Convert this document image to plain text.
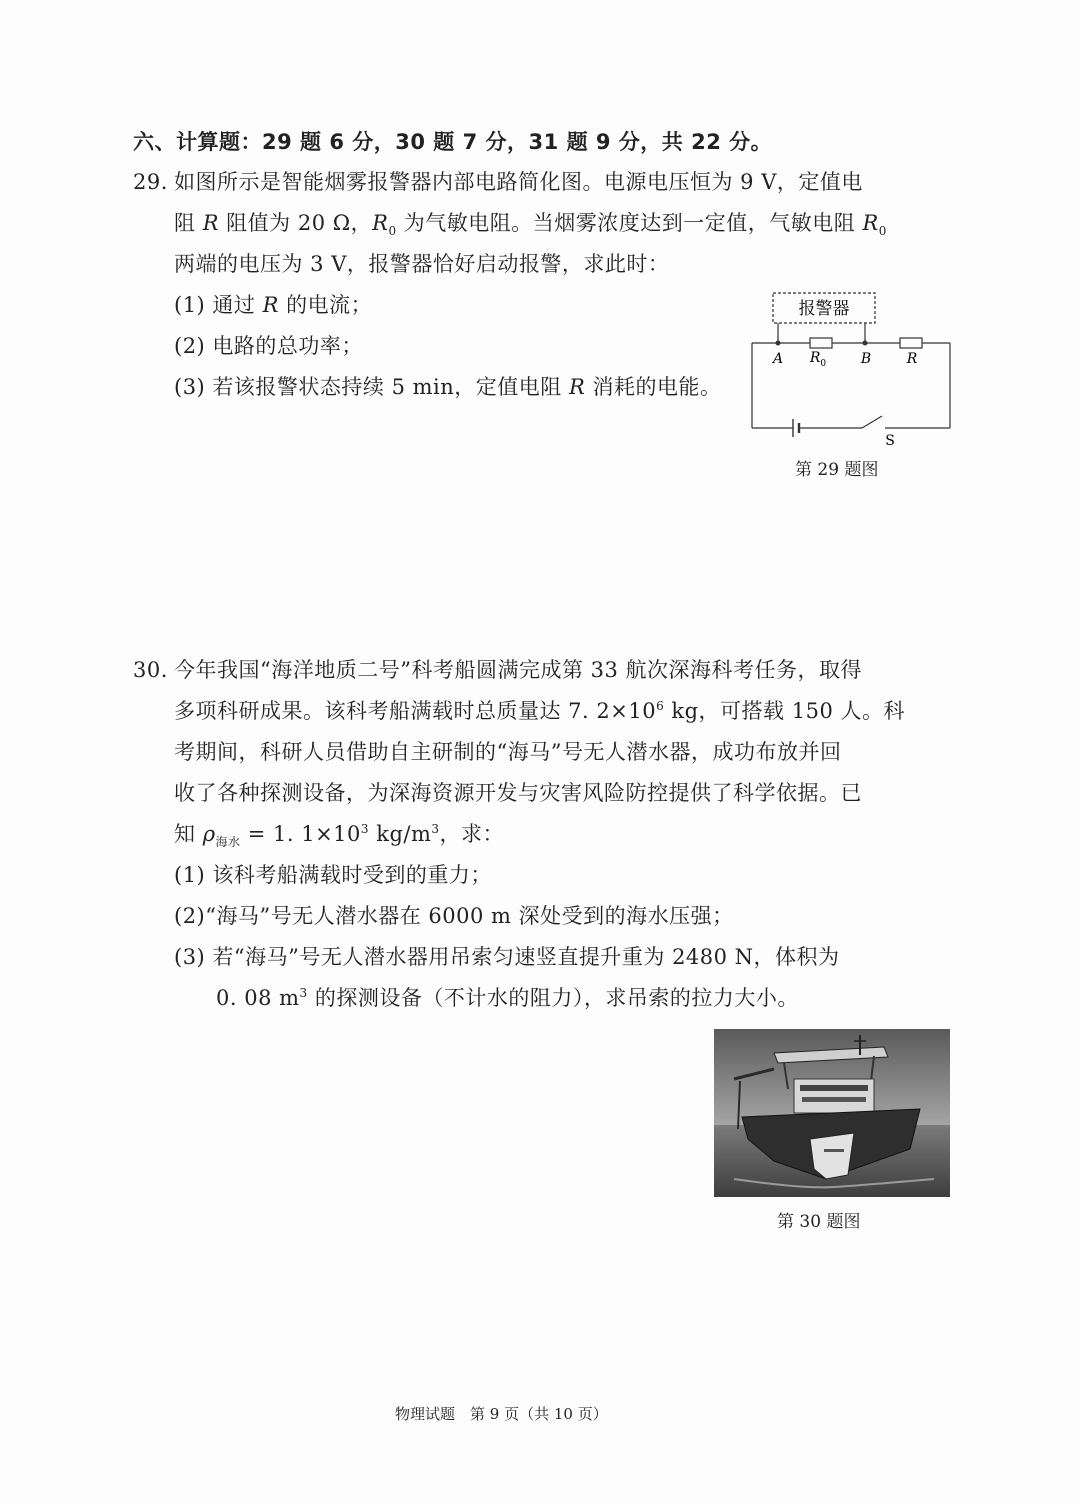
六、计算题：29 题 6 分，30 题 7 分，31 题 9 分，共 22 分。
29. 如图所示是智能烟雾报警器内部电路简化图。电源电压恒为 9 V，定值电
阻 R 阻值为 20 Ω，$R_0$ 为气敏电阻。当烟雾浓度达到一定值，气敏电阻 $R_0$
两端的电压为 3 V，报警器恰好启动报警，求此时：
(1) 通过 R 的电流；
(2) 电路的总功率；
(3) 若该报警状态持续 5 min，定值电阻 R 消耗的电能。
报警器
A $R_0$ B	R
S
第 29 题图
30. 今年我国“海洋地质二号”科考船圆满完成第 33 航次深海科考任务，取得
多项科研成果。该科考船满载时总质量达 7. $2\times 10^6$ kg，可搭载 150 人。科
考期间，科研人员借助自主研制的“海马”号无人潜水器，成功布放并回
收了各种探测设备，为深海资源开发与灾害风险防控提供了科学依据。已
知 $\rho_{海水} = 1$. $1\times 10^3$ $kg/m^3$，求：
(1) 该科考船满载时受到的重力；
(2)“海马”号无人潜水器在 6000 m 深处受到的海水压强；
(3) 若“海马”号无人潜水器用吊索匀速竖直提升重为 2480 N，体积为
0. 08 $m^3$ 的探测设备（不计水的阻力），求吊索的拉力大小。
第 30 题图
物理试题　第 9 页（共 10 页）
